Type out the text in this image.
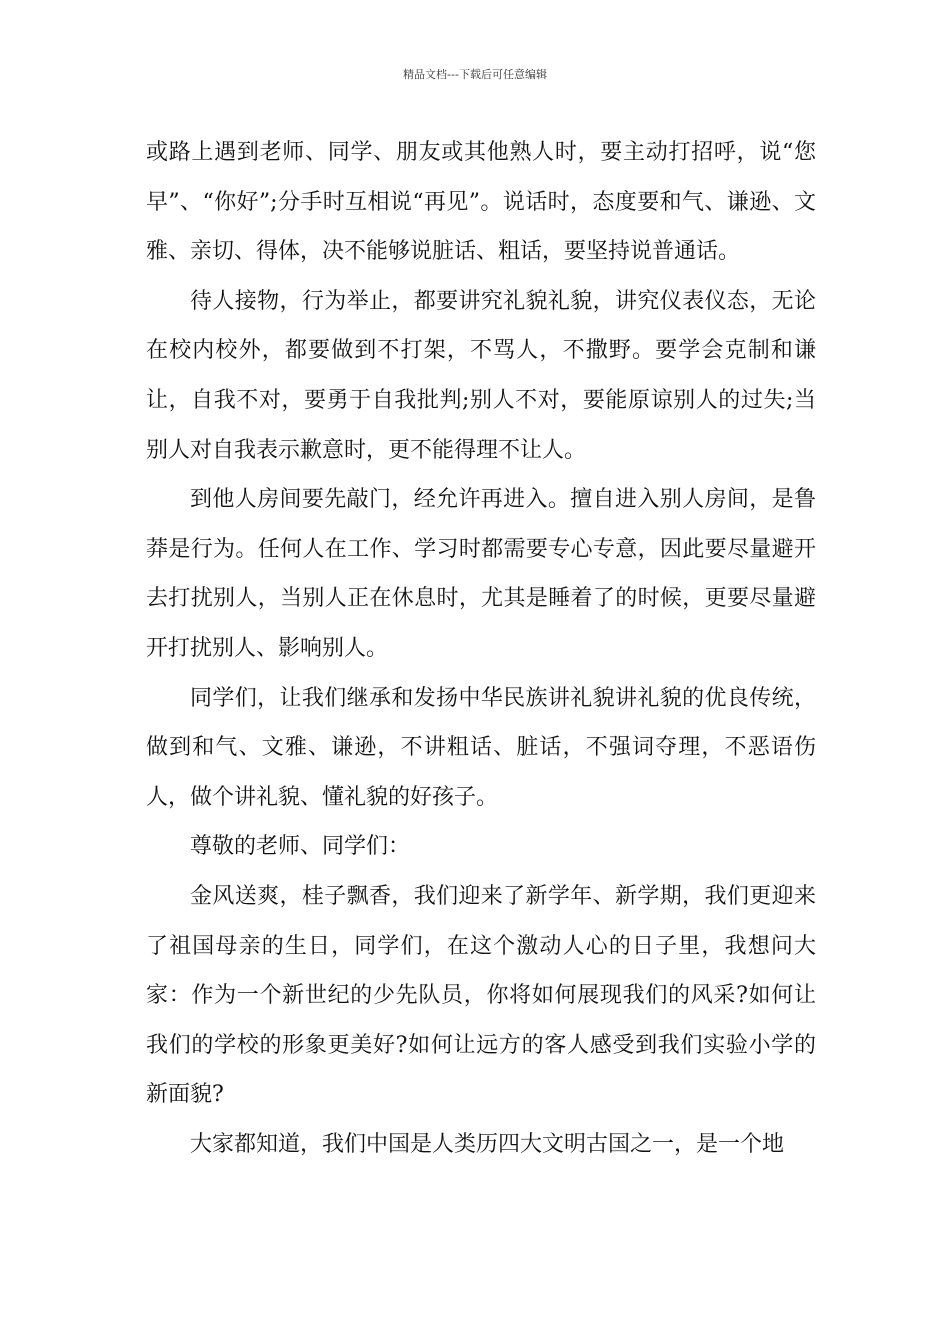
精品文档---下载后可任意编辑

或路上遇到老师、同学、朋友或其他熟人时，要主动打招呼，说“您早”、“你好”;分手时互相说“再见”。说话时，态度要和气、谦逊、文雅、亲切、得体，决不能够说脏话、粗话，要坚持说普通话。

待人接物，行为举止，都要讲究礼貌礼貌，讲究仪表仪态，无论在校内校外，都要做到不打架，不骂人，不撒野。要学会克制和谦让，自我不对，要勇于自我批判;别人不对，要能原谅别人的过失;当别人对自我表示歉意时，更不能得理不让人。

到他人房间要先敲门，经允许再进入。擅自进入别人房间，是鲁莽是行为。任何人在工作、学习时都需要专心专意，因此要尽量避开去打扰别人，当别人正在休息时，尤其是睡着了的时候，更要尽量避开打扰别人、影响别人。

同学们，让我们继承和发扬中华民族讲礼貌讲礼貌的优良传统，做到和气、文雅、谦逊，不讲粗话、脏话，不强词夺理，不恶语伤人，做个讲礼貌、懂礼貌的好孩子。

尊敬的老师、同学们：

金风送爽，桂子飘香，我们迎来了新学年、新学期，我们更迎来了祖国母亲的生日，同学们，在这个激动人心的日子里，我想问大家：作为一个新世纪的少先队员，你将如何展现我们的风采?如何让我们的学校的形象更美好?如何让远方的客人感受到我们实验小学的新面貌?

大家都知道，我们中国是人类历四大文明古国之一，是一个地
